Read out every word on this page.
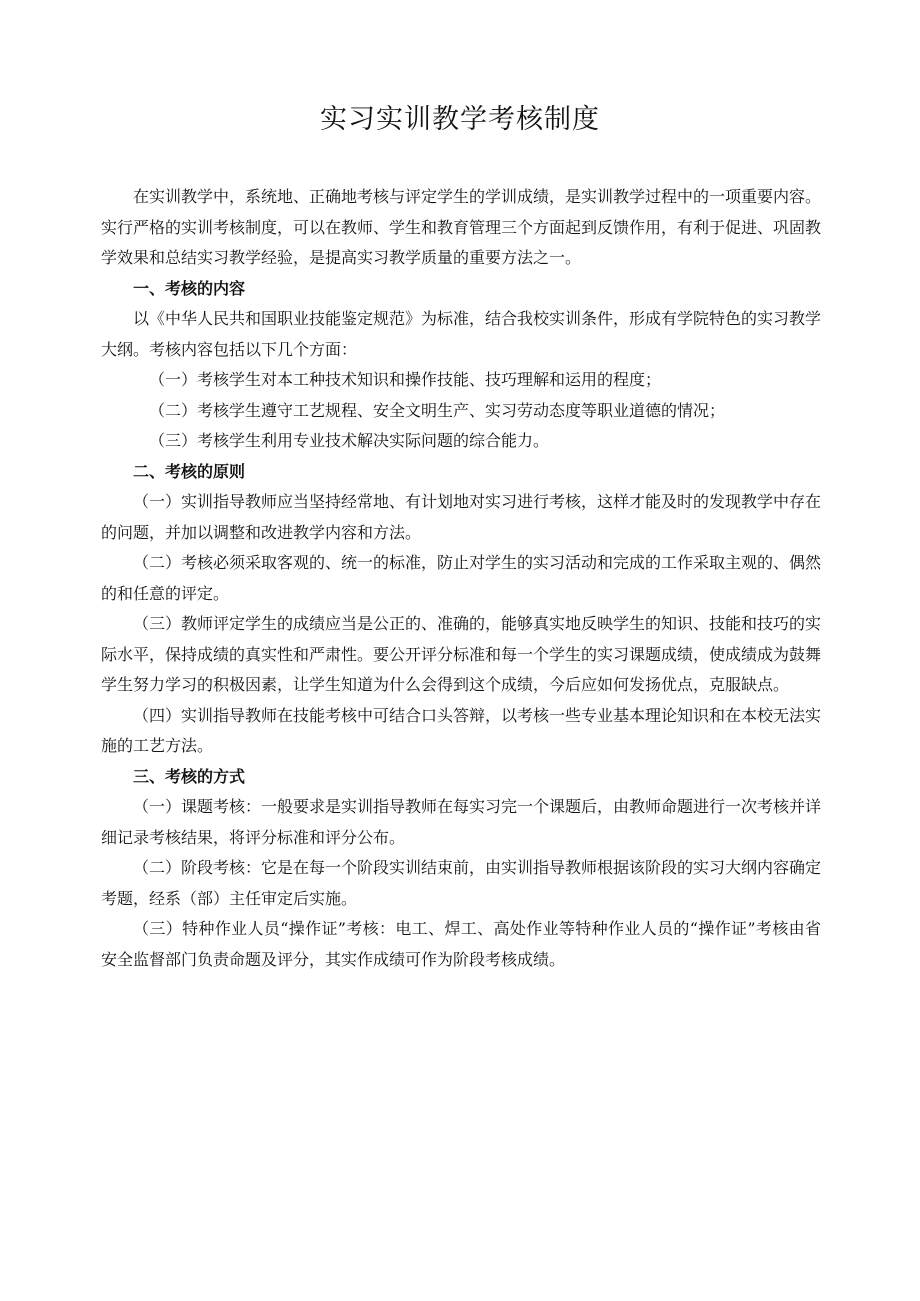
实习实训教学考核制度

在实训教学中，系统地、正确地考核与评定学生的学训成绩，是实训教学过程中的一项重要内容。实行严格的实训考核制度，可以在教师、学生和教育管理三个方面起到反馈作用，有利于促进、巩固教学效果和总结实习教学经验，是提高实习教学质量的重要方法之一。

一、考核的内容

以《中华人民共和国职业技能鉴定规范》为标准，结合我校实训条件，形成有学院特色的实习教学大纲。考核内容包括以下几个方面：

（一）考核学生对本工种技术知识和操作技能、技巧理解和运用的程度；

（二）考核学生遵守工艺规程、安全文明生产、实习劳动态度等职业道德的情况；

（三）考核学生利用专业技术解决实际问题的综合能力。

二、考核的原则

（一）实训指导教师应当坚持经常地、有计划地对实习进行考核，这样才能及时的发现教学中存在的问题，并加以调整和改进教学内容和方法。

（二）考核必须采取客观的、统一的标准，防止对学生的实习活动和完成的工作采取主观的、偶然的和任意的评定。

（三）教师评定学生的成绩应当是公正的、准确的，能够真实地反映学生的知识、技能和技巧的实际水平，保持成绩的真实性和严肃性。要公开评分标准和每一个学生的实习课题成绩，使成绩成为鼓舞学生努力学习的积极因素，让学生知道为什么会得到这个成绩，今后应如何发扬优点，克服缺点。

（四）实训指导教师在技能考核中可结合口头答辩，以考核一些专业基本理论知识和在本校无法实施的工艺方法。

三、考核的方式

（一）课题考核：一般要求是实训指导教师在每实习完一个课题后，由教师命题进行一次考核并详细记录考核结果，将评分标准和评分公布。

（二）阶段考核：它是在每一个阶段实训结束前，由实训指导教师根据该阶段的实习大纲内容确定考题，经系（部）主任审定后实施。

（三）特种作业人员“操作证”考核：电工、焊工、高处作业等特种作业人员的“操作证”考核由省安全监督部门负责命题及评分，其实作成绩可作为阶段考核成绩。
